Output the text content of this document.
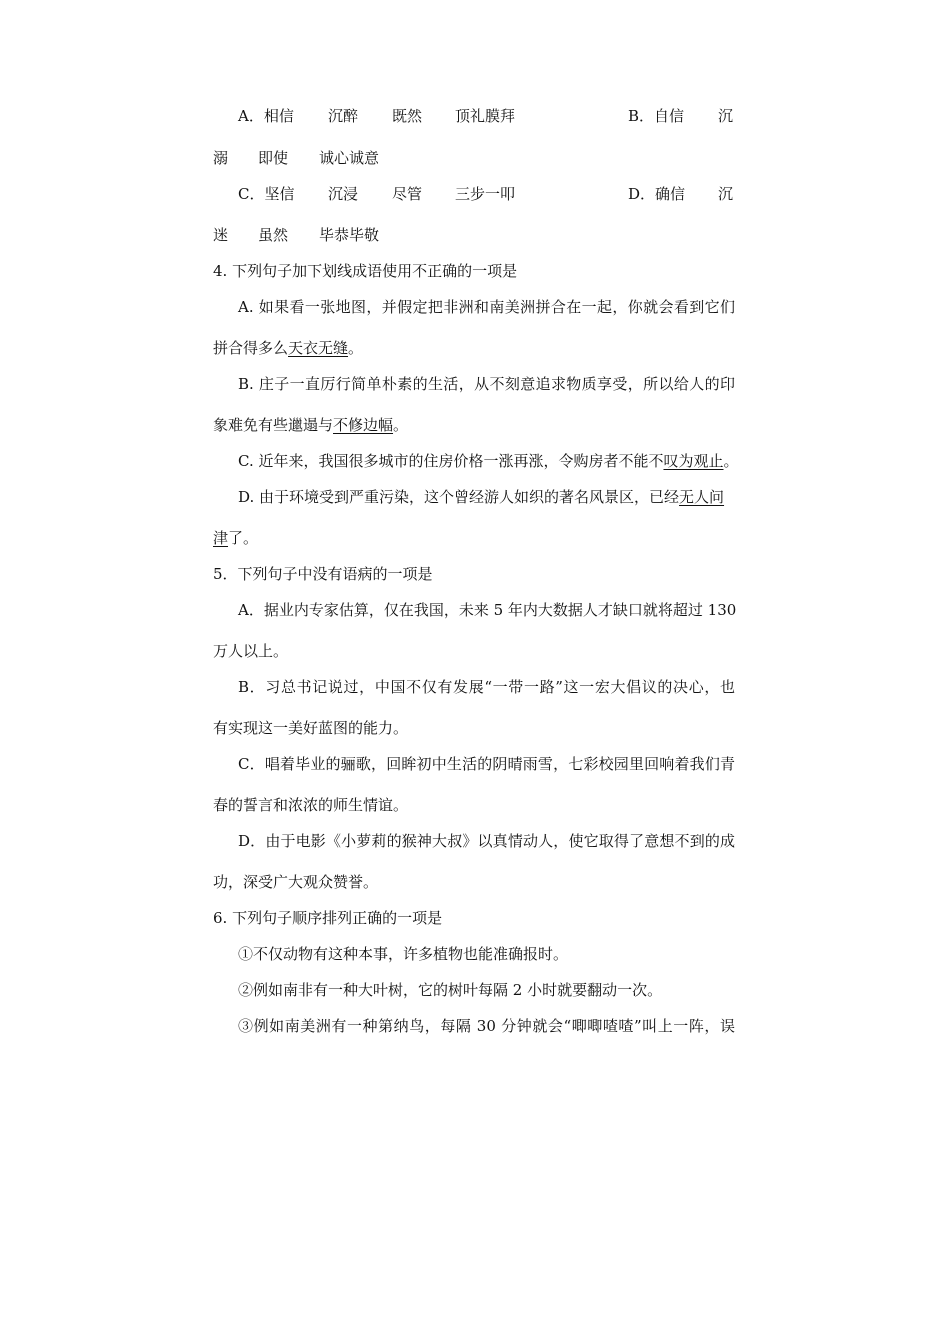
A．相信 沉醉 既然 顶礼膜拜	B．自信 沉
溺 即使 诚心诚意
C．坚信 沉浸 尽管 三步一叩	D．确信 沉
迷 虽然 毕恭毕敬
4. 下列句子加下划线成语使用不正确的一项是
A. 如果看一张地图，并假定把非洲和南美洲拼合在一起，你就会看到它们
拼合得多么天衣无缝。
B. 庄子一直厉行简单朴素的生活，从不刻意追求物质享受，所以给人的印
象难免有些邋遢与不修边幅。
C. 近年来，我国很多城市的住房价格一涨再涨，令购房者不能不叹为观止。
D. 由于环境受到严重污染，这个曾经游人如织的著名风景区，已经无人问
津了。
5．下列句子中没有语病的一项是
A．据业内专家估算，仅在我国，未来 5 年内大数据人才缺口就将超过 130
万人以上。
B．习总书记说过，中国不仅有发展“一带一路”这一宏大倡议的决心，也
有实现这一美好蓝图的能力。
C．唱着毕业的骊歌，回眸初中生活的阴晴雨雪，七彩校园里回响着我们青
春的誓言和浓浓的师生情谊。
D．由于电影《小萝莉的猴神大叔》以真情动人，使它取得了意想不到的成
功，深受广大观众赞誉。
6. 下列句子顺序排列正确的一项是
①不仅动物有这种本事，许多植物也能准确报时。
②例如南非有一种大叶树，它的树叶每隔 2 小时就要翻动一次。
③例如南美洲有一种第纳鸟，每隔 30 分钟就会“唧唧喳喳”叫上一阵，误
